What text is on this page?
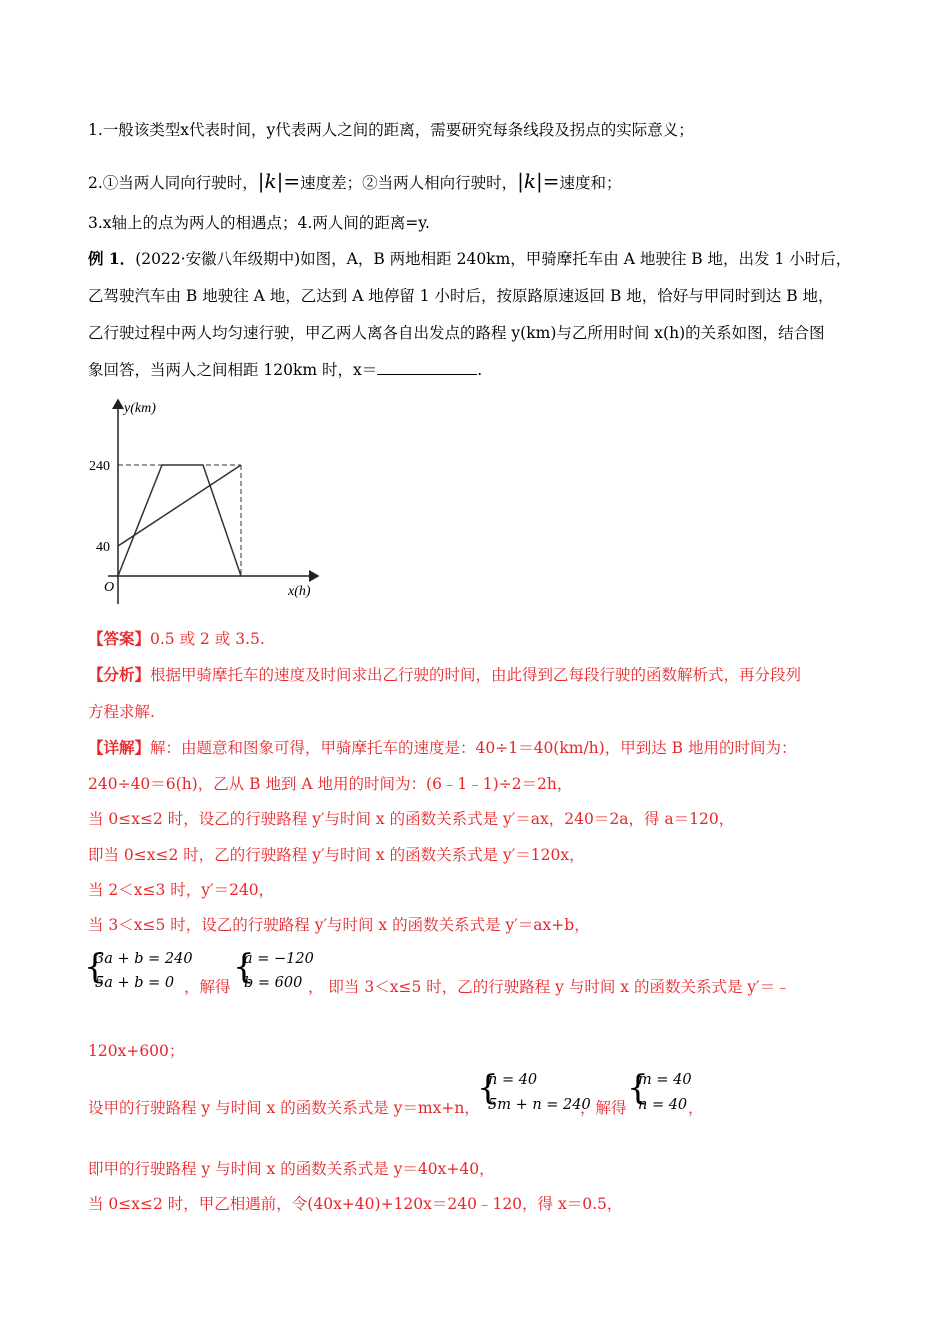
1.一般该类型x代表时间，y代表两人之间的距离，需要研究每条线段及拐点的实际意义；
2.①当两人同向行驶时，|k|=速度差；②当两人相向行驶时，|k|=速度和；
3.x轴上的点为两人的相遇点；4.两人间的距离=y.
例 1．(2022·安徽八年级期中)如图，A，B 两地相距 240km，甲骑摩托车由 A 地驶往 B 地，出发 1 小时后，
乙驾驶汽车由 B 地驶往 A 地，乙达到 A 地停留 1 小时后，按原路原速返回 B 地，恰好与甲同时到达 B 地，
乙行驶过程中两人均匀速行驶，甲乙两人离各自出发点的路程 y(km)与乙所用时间 x(h)的关系如图，结合图
象回答，当两人之间相距 120km 时，x＝	.
y(km)
x(h)
O
240
40
【答案】0.5 或 2 或 3.5.
【分析】根据甲骑摩托车的速度及时间求出乙行驶的时间，由此得到乙每段行驶的函数解析式，再分段列
方程求解.
【详解】解：由题意和图象可得，甲骑摩托车的速度是：40÷1＝40(km/h)，甲到达 B 地用的时间为：
240÷40＝6(h)，乙从 B 地到 A 地用的时间为：(6﹣1﹣1)÷2＝2h，
当 0≤x≤2 时，设乙的行驶路程 y′与时间 x 的函数关系式是 y′＝ax，240＝2a，得 a＝120，
即当 0≤x≤2 时，乙的行驶路程 y′与时间 x 的函数关系式是 y′＝120x，
当 2＜x≤3 时，y′＝240，
当 3＜x≤5 时，设乙的行驶路程 y′与时间 x 的函数关系式是 y′＝ax+b，
{
3a + b = 240
5a + b = 0 ，解得 {
a = −120
b = 600 ， 即当 3＜x≤5 时，乙的行驶路程 y 与时间 x 的函数关系式是 y′＝﹣
120x+600；
设甲的行驶路程 y 与时间 x 的函数关系式是 y＝mx+n，
{
n = 40
5m + n = 240
，解得 {
m = 40
n = 40 ，
即甲的行驶路程 y 与时间 x 的函数关系式是 y＝40x+40，
当 0≤x≤2 时，甲乙相遇前，令(40x+40)+120x＝240﹣120，得 x＝0.5，
